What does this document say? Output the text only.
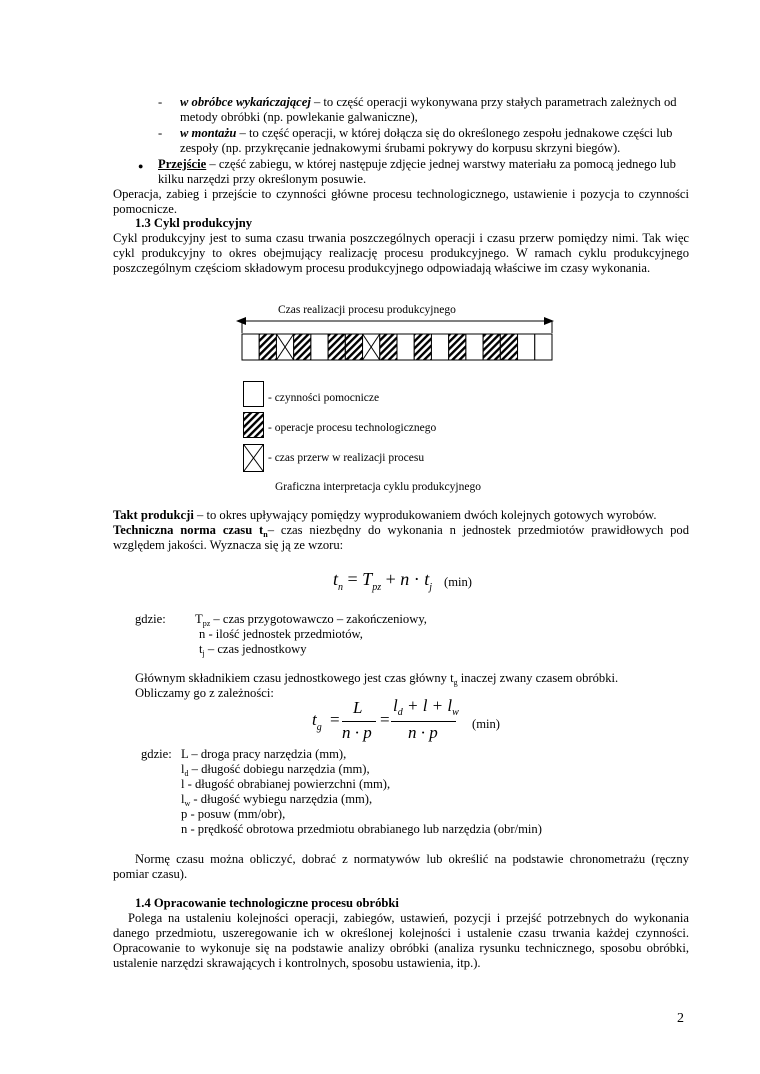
- w obróbce wykańczającej – to część operacji wykonywana przy stałych parametrach zależnych od
metody obróbki (np. powlekanie galwaniczne),
- w montażu – to część operacji, w której dołącza się do określonego zespołu jednakowe części lub
zespoły (np. przykręcanie jednakowymi śrubami pokrywy do korpusu skrzyni biegów).
● Przejście – część zabiegu, w której następuje zdjęcie jednej warstwy materiału za pomocą jednego lub
kilku narzędzi przy określonym posuwie.
Operacja, zabieg i przejście to czynności główne procesu technologicznego, ustawienie i pozycja to czynności
pomocnicze.
1.3 Cykl produkcyjny
Cykl produkcyjny jest to suma czasu trwania poszczególnych operacji i czasu przerw pomiędzy nimi. Tak więc
cykl produkcyjny to okres obejmujący realizację procesu produkcyjnego. W ramach cyklu produkcyjnego
poszczególnym częściom składowym procesu produkcyjnego odpowiadają właściwe im czasy wykonania.
Czas realizacji procesu produkcyjnego
- czynności pomocnicze
- operacje procesu technologicznego
- czas przerw w realizacji procesu
Graficzna interpretacja cyklu produkcyjnego
Takt produkcji – to okres upływający pomiędzy wyprodukowaniem dwóch kolejnych gotowych wyrobów.
Techniczna norma czasu $t_n-$ czas niezbędny do wykonania n jednostek przedmiotów prawidłowych pod
względem jakości. Wyznacza się ją ze wzoru:
$t_n = T_{pz} + n \cdot t_j$ (min)
gdzie: $T_{pz}$ – czas przygotowawczo – zakończeniowy,
n - ilość jednostek przedmiotów,
$t_j$ – czas jednostkowy
Głównym składnikiem czasu jednostkowego jest czas główny $t_g$ inaczej zwany czasem obróbki.
Obliczamy go z zależności:
$t_g$ =
L
n · p
=
$l_d + l + l_w$
n · p	(min)
gdzie: L – droga pracy narzędzia (mm),
$l_d$ – długość dobiegu narzędzia (mm),
l - długość obrabianej powierzchni (mm),
$l_w$ - długość wybiegu narzędzia (mm),
p - posuw (mm/obr),
n - prędkość obrotowa przedmiotu obrabianego lub narzędzia (obr/min)
Normę czasu można obliczyć, dobrać z normatywów lub określić na podstawie chronometrażu (ręczny
pomiar czasu).
1.4 Opracowanie technologiczne procesu obróbki
Polega na ustaleniu kolejności operacji, zabiegów, ustawień, pozycji i przejść potrzebnych do wykonania
danego przedmiotu, uszeregowanie ich w określonej kolejności i ustalenie czasu trwania każdej czynności.
Opracowanie to wykonuje się na podstawie analizy obróbki (analiza rysunku technicznego, sposobu obróbki,
ustalenie narzędzi skrawających i kontrolnych, sposobu ustawienia, itp.).
2
